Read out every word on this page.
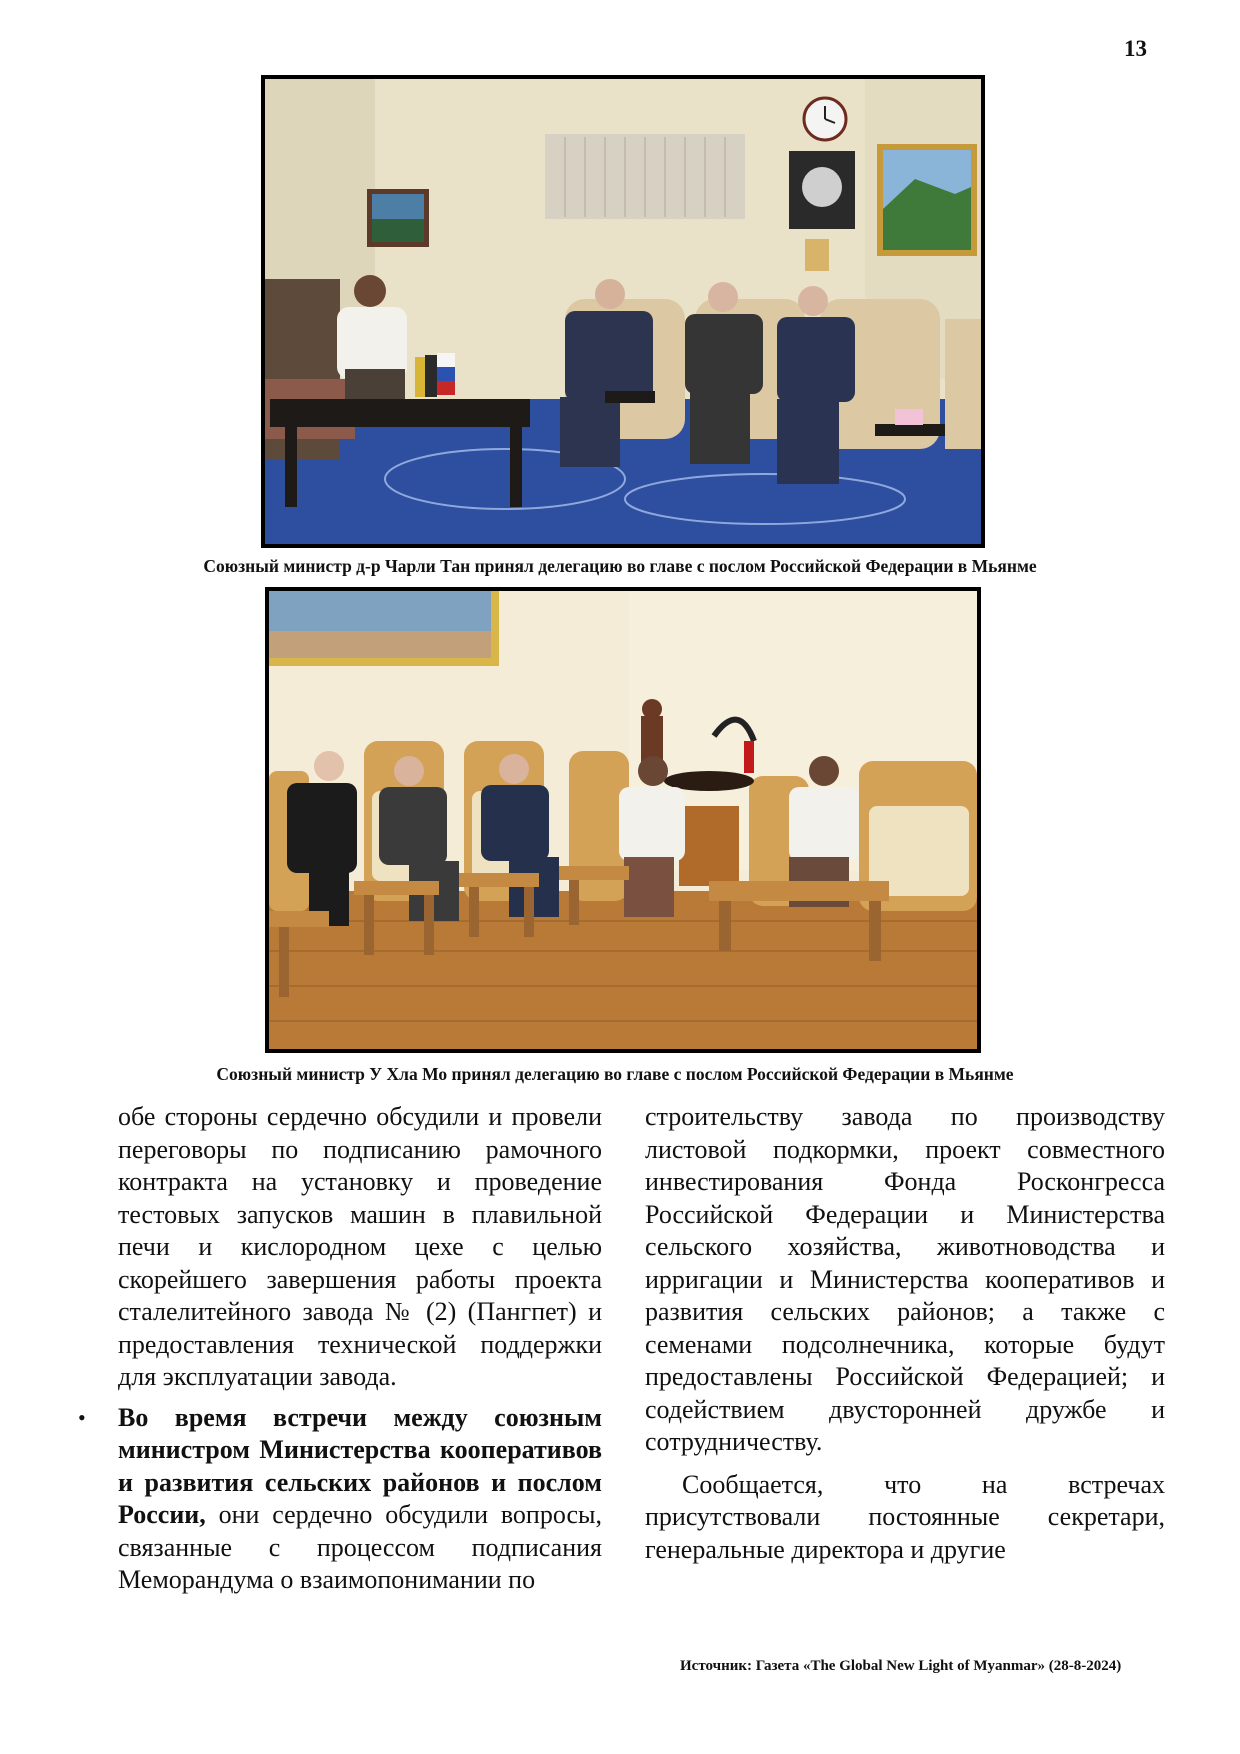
13
Союзный министр д-р Чарли Тан принял делегацию во главе с послом Российской Федерации в Мьянме
Союзный министр У Хла Мо принял делегацию во главе с послом Российской Федерации в Мьянме

обе стороны сердечно обсудили и провели переговоры по подписанию рамочного контракта на установку и проведение тестовых запусков машин в плавильной печи и кислородном цехе с целью скорейшего завершения работы проекта сталелитейного завода № (2) (Пангпет) и предоставления технической поддержки для эксплуатации завода.

• Во время встречи между союзным министром Министерства кооперативов и развития сельских районов и послом России, они сердечно обсудили вопросы, связанные с процессом подписания Меморандума о взаимопонимании по

строительству завода по производству листовой подкормки, проект совместного инвестирования Фонда Росконгресса Российской Федерации и Министерства сельского хозяйства, животноводства и ирригации и Министерства кооперативов и развития сельских районов; а также с семенами подсолнечника, которые будут предоставлены Российской Федерацией; и содействием двусторонней дружбе и сотрудничеству.

Сообщается, что на встречах присутствовали постоянные секретари, генеральные директора и другие

Источник: Газета «The Global New Light of Myanmar» (28-8-2024)
